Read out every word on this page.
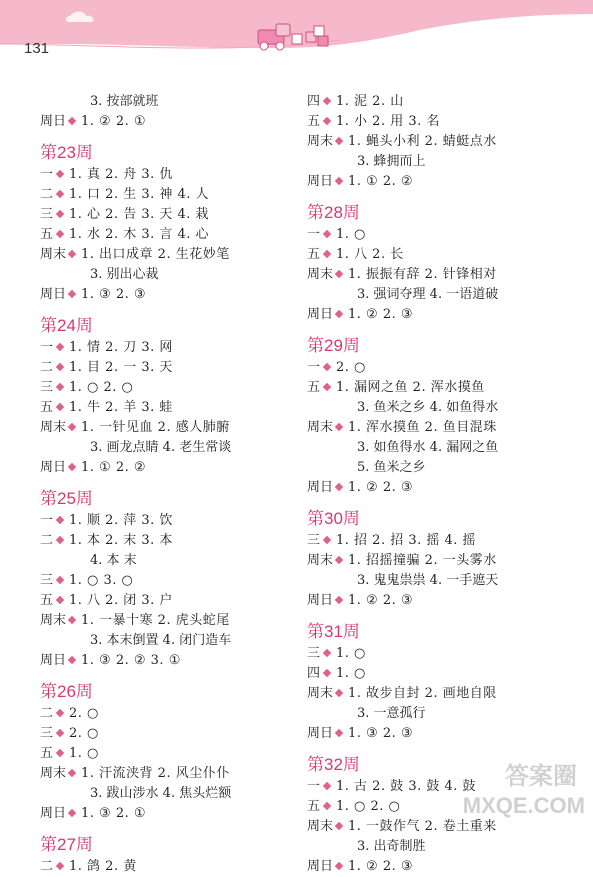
131
3. 按部就班
周日 1. ② 2. ①
第23周
一 1. 真 2. 舟 3. 仇
二 1. 口 2. 生 3. 神 4. 人
三 1. 心 2. 告 3. 天 4. 栽
五 1. 水 2. 木 3. 言 4. 心
周末 1. 出口成章 2. 生花妙笔
3. 别出心裁
周日 1. ③ 2. ③
第24周
一 1. 情 2. 刀 3. 网
二 1. 目 2. 一 3. 天
三 1. ○ 2. ○
五 1. 牛 2. 羊 3. 蛙
周末 1. 一针见血 2. 感人肺腑
3. 画龙点睛 4. 老生常谈
周日 1. ① 2. ②
第25周
一 1. 顺 2. 萍 3. 饮
二 1. 本 2. 末 3. 本
4. 本 末
三 1. ○ 3. ○
五 1. 八 2. 闭 3. 户
周末 1. 一暴十寒 2. 虎头蛇尾
3. 本末倒置 4. 闭门造车
周日 1. ③ 2. ② 3. ①
第26周
二 2. ○
三 2. ○
五 1. ○
周末 1. 汗流浃背 2. 风尘仆仆
3. 跋山涉水 4. 焦头烂额
周日 1. ③ 2. ①
第27周
二 1. 鸽 2. 黄
四 1. 泥 2. 山
五 1. 小 2. 用 3. 名
周末 1. 蝇头小利 2. 蜻蜓点水
3. 蜂拥而上
周日 1. ① 2. ②
第28周
一 1. ○
五 1. 八 2. 长
周末 1. 振振有辞 2. 针锋相对
3. 强词夺理 4. 一语道破
周日 1. ② 2. ③
第29周
一 2. ○
五 1. 漏网之鱼 2. 浑水摸鱼
3. 鱼米之乡 4. 如鱼得水
周末 1. 浑水摸鱼 2. 鱼目混珠
3. 如鱼得水 4. 漏网之鱼
5. 鱼米之乡
周日 1. ② 2. ③
第30周
三 1. 招 2. 招 3. 摇 4. 摇
周末 1. 招摇撞骗 2. 一头雾水
3. 鬼鬼祟祟 4. 一手遮天
周日 1. ② 2. ③
第31周
三 1. ○
四 1. ○
周末 1. 故步自封 2. 画地自限
3. 一意孤行
周日 1. ③ 2. ③
第32周
一 1. 古 2. 鼓 3. 鼓 4. 鼓
五 1. ○ 2. ○
周末 1. 一鼓作气 2. 卷土重来
3. 出奇制胜
周日 1. ② 2. ③
答案圈
MXQE.COM
